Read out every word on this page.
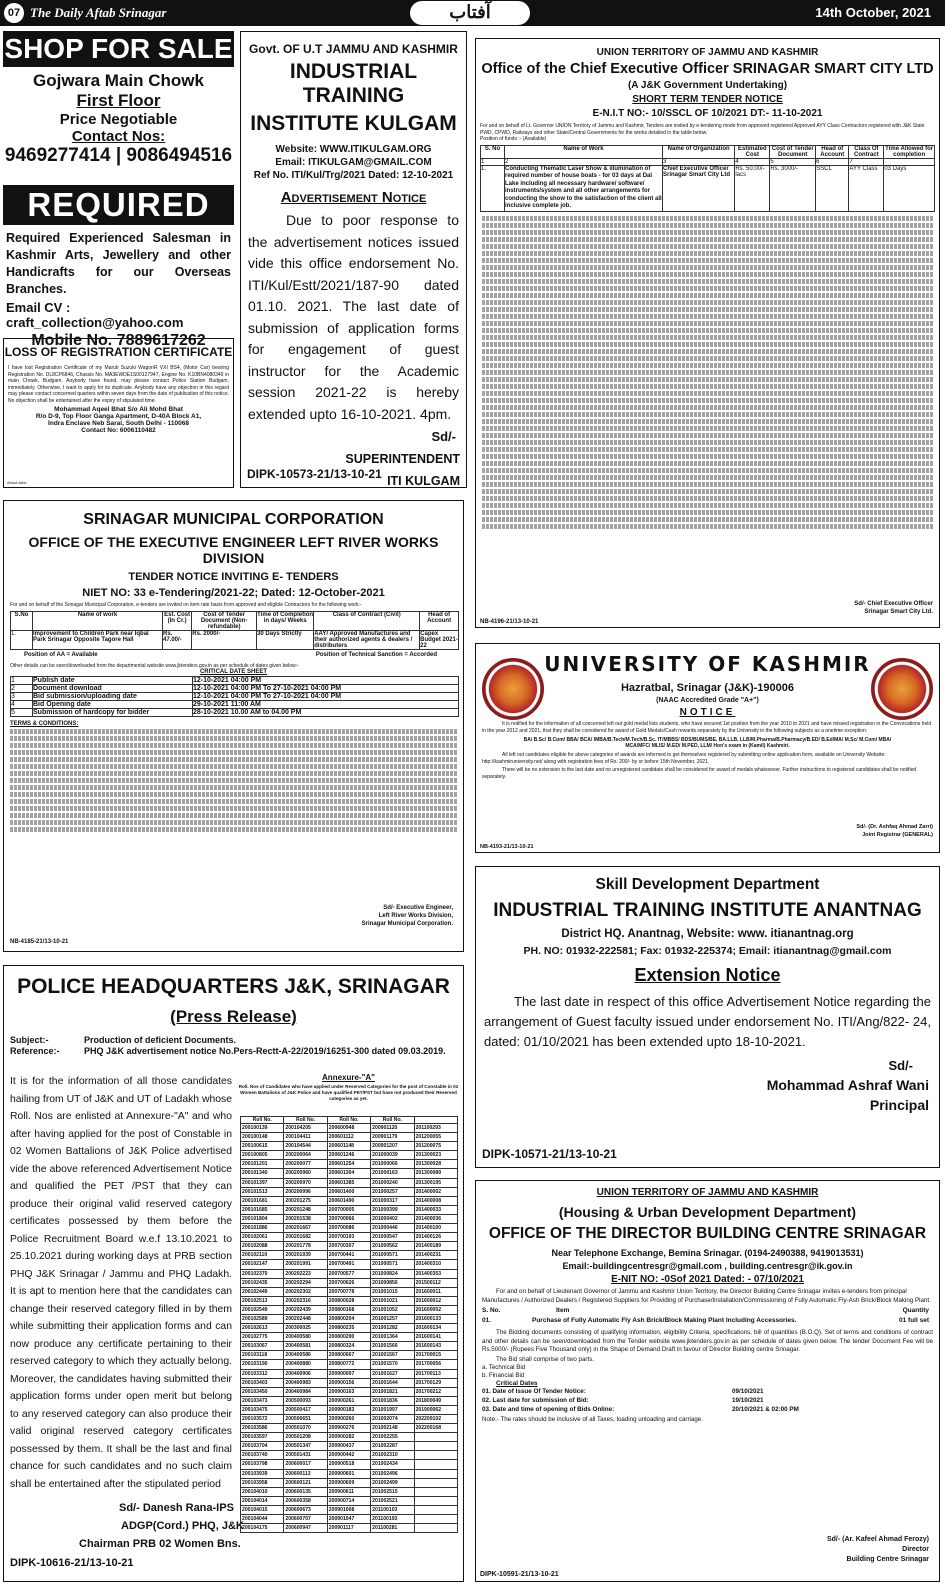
07 The Daily Aftab Srinagar	آفتاب	14th October, 2021
SHOP FOR SALE
Gojwara Main Chowk
First Floor
Price Negotiable
Contact Nos:
9469277414 | 9086494516
REQUIRED
Required Experienced Salesman in Kashmir Arts, Jewellery and other Handicrafts for our Overseas Branches.
Email CV : craft_collection@yahoo.com
Mobile No. 7889617262
LOSS OF REGISTRATION CERTIFICATE
I have lost Registration Certificate of my Maruti Suzuki WagonR VXI BS4, (Motor Car) bearing Registration No. DL8CP6846, Chassis No. MA3EWDE1S00127947, Engine No. K10BN4080349 in main Chowk, Budgam. Anybody have found, may please contact Police Station Budgam, immediately. Otherwise, I want to apply for its duplicate. Anybody have any objection in this regard may please contact concerned quarters within seven days from the date of publication of this notice. No objection shall be entertained after the expiry of stipulated time.
Mohammad Aqeel Bhat S/o Ali Mohd Bhat
R/o D-9, Top Floor Ganga Apartment, D-40A Block A1,
Indra Enclave Neb Sarai, South Delhi - 110068
Contact No: 6006110482
About Advt.
Govt. OF U.T JAMMU AND KASHMIR
INDUSTRIAL TRAINING
INSTITUTE KULGAM
Website: WWW.ITIKULGAM.ORG
Email: ITIKULGAM@GMAIL.COM
Ref No. ITI/Kul/Trg/2021 Dated: 12-10-2021
Advertisement Notice
Due to poor response to the advertisement notices issued vide this office endorsement No. ITI/Kul/Estt/2021/187-90 dated 01.10. 2021. The last date of submission of application forms for engagement of guest instructor for the Academic session 2021-22 is hereby extended upto 16-10-2021. 4pm.
Sd/-
SUPERINTENDENT
ITI KULGAM
DIPK-10573-21/13-10-21
UNION TERRITORY OF JAMMU AND KASHMIR
Office of the Chief Executive Officer SRINAGAR SMART CITY LTD
(A J&K Government Undertaking)
SHORT TERM TENDER NOTICE
E-N.I.T NO:- 10/SSCL OF 10/2021 DT:- 11-10-2021
For and on behalf of Lt. Governor UNION Territory of Jammu and Kashmir, Tenders are invited by e-tendering mode from approved registered Approved AYY Class Contractors registered with J&K State PWD, CPWD, Railways and other State/Central Governments for the works detailed in the table below.
Position of funds :- (Available)
S. No	Name of Work	Name of Organization	Estimated Cost	Cost of Tender Document	Head of Account	Class Of Contract	Time Allowed for completion
1	2	3	4	5	6	7	
1.	Conducting Thematic Laser Show & illumination of required number of house boats - for 03 days at Dal Lake including all necessary hardware/ software/ instruments/system and all other arrangements for conducting the show to the satisfaction of the client all inclusive complete job.	Chief Executive Officer Srinagar Smart City Ltd	Rs. 50.00/- lacs	Rs. 3000/-	SSCL	AYY Class	03 Days
Sd/- Chief Executive Officer
Srinagar Smart City Ltd.
NB-4196-21/13-10-21
SRINAGAR MUNICIPAL CORPORATION
OFFICE OF THE EXECUTIVE ENGINEER LEFT RIVER WORKS DIVISION
TENDER NOTICE INVITING E- TENDERS
NIET NO: 33 e-Tendering/2021-22; Dated: 12-October-2021
For and on behalf of the Srinagar Municipal Corporation, e-tenders are invited on item rate basis from approved and eligible Contractors for the following work:-
S.No	Name of work	Est. Cost (In Cr.)	Cost of Tender Document (Non-refundable)	Time of Completion in days/ Weeks	Class of Contract (Civil)	Head of Account
1.	Improvement to Children Park near Iqbal Park Srinagar Opposite Tagore Hall	Rs. 47.00/-	Rs. 2000/-	30 Days Strictly	AAY/ Approved Manufactures and their authorized agents & dealers / distributers	Capex Budget 2021-22
Position of AA = Available	Position of Technical Sanction = Accorded
Other details can be seen/downloaded from the departmental website www.jktenders.gov.in as per schedule of dates given below:-
CRITICAL DATE SHEET
1	Publish date	12-10-2021 04:00 PM
2	Document download	12-10-2021 04:00 PM To 27-10-2021 04:00 PM
3	Bid submission/uploading date	12-10-2021 04:00 PM To 27-10-2021 04:00 PM
4	Bid Opening date	29-10-2021 11:00 AM
5	Submission of hardcopy for bidder	28-10-2021 10.00 AM to 04.00 PM
TERMS & CONDITIONS:
Sd/- Executive Engineer,
Left River Works Division,
Srinagar Municipal Corporation.
NB-4185-21/13-10-21
UNIVERSITY OF KASHMIR
Hazratbal, Srinagar (J&K)-190006
(NAAC Accredited Grade "A+")
NOTICE
It is notified for the information of all concerned left out gold medal lists students, who have secured 1st position from the year 2010 to 2021 and have missed registration in the Convocations held in the year 2012 and 2021, that they shall be considered for award of Gold Medals/Cash rewards separately by the University in the following subjects as a onetime exception:
BA/ B.Sc/ B.Com/ BBA/ BCA/ IMBA/B.Tech/M.Tech/B.Sc. IT/MBBS/ BDS/BUMS/BE, BA.LLB, LLB/M.Pharma/B.Pharmacy/B.ED/ B.Ed/MA/ M.Sc/ M.Com/ MBA/
MCA/MFC/ MLIS/ M.ED/ M.PED, LLM/ Hon's exam in (Kamil) Kashmiri.
All left out candidates eligible for above categories of awards are informed to get themselves registered by submitting online application form, available on University Website: http://kashmiruniversity.net/ along with registration fees of Rs. 200/- by or before 15th November, 2021.
There will be no extension to the last date and no unregistered candidate shall be considered for award of medals whatsoever. Further instructions to registered candidates shall be notified separately.
Sd/- (Dr. Ashfaq Ahmad Zarri)
Joint Registrar (GENERAL)
NB-4193-21/13-10-21
POLICE HEADQUARTERS J&K, SRINAGAR
(Press Release)
Subject:-	Production of deficient Documents.
Reference:-	PHQ J&K advertisement notice No.Pers-Rectt-A-22/2019/16251-300 dated 09.03.2019.
It is for the information of all those candidates hailing from UT of J&K and UT of Ladakh whose Roll. Nos are enlisted at Annexure-"A" and who after having applied for the post of Constable in 02 Women Battalions of J&K Police advertised vide the above referenced Advertisement Notice and qualified the PET /PST that they can produce their original valid reserved category certificates possessed by them before the Police Recruitment Board w.e.f 13.10.2021 to 25.10.2021 during working days at PRB section PHQ J&K Srinagar / Jammu and PHQ Ladakh. It is apt to mention here that the candidates can change their reserved category filled in by them while submitting their application forms and can now produce any certificate pertaining to their reserved category to which they actually belong. Moreover, the candidates having submitted their application forms under open merit but belong to any reserved category can also produce their valid original reserved category certificates possessed by them. It shall be the last and final chance for such candidates and no such claim shall be entertained after the stipulated period
Sd/- Danesh Rana-IPS
ADGP(Cord.) PHQ, J&K
Chairman PRB 02 Women Bns.
DIPK-10616-21/13-10-21
Annexure-"A"
Roll. Nos of Candidates who have applied under Reserved Categories for the post of Constable in 02 Women Battalions of J&K Police and have qualified PET/PST but have not produced their Reserved categories as yet.
Roll No.	Roll No.	Roll No.	Roll No.	
200100139	200104205	200600948	200901120	201100293
200100148	200104411	200601112	200901179	201200055
200100615	200104544	200601148	200901207	201200075
200100805	200200064	200601246	201000039	201300023
200101201	200200077	200601254	201000066	201300028
200101340	200200960	200601304	201000163	201300089
200101397	200200970	200601385	201000240	201300195
200101513	200200996	200601400	201000257	201400002
200101681	200201275	200601490	201000317	201400008
200101685	200201248	200700005	201000399	201400033
200101804	200201538	200700066	201000402	201400036
200101886	200201667	200700086	201000446	201400100
200102061	200201682	200700193	201000547	201400126
200102088	200201778	200700307	201000562	201400189
200102110	200201939	200700441	201000571	201400231
200102147	200201991	200700491	201000571	201400310
200102370	200202223	200700577	201000824	201400353
200102435	200202294	200700626	201000856	201500112
200102449	200202302	200700778	201001015	201600011
200102513	200202316	200800028	201001021	201600012
200102549	200202439	200800168	201001052	201600052
200102589	200202448	200800204	201001257	201600133
200102613	200300025	200800235	201001282	201600134
200102775	200400580	200800290	201001364	201600141
200103067	200400581	200800324	201001566	201600143
200103118	200400586	200800667	201001567	201700015
200103190	200400880	200800772	201001570	201700056
200103312	200400906	200900007	201001627	201700113
200103403	200400983	200900156	201001644	201700129
200103450	200400984	200900163	201001821	201700212
200103473	200500093	200900261	201001836	201800049
200103475	200500417	200900183	201001997	201900062
200103572	200500651	200900260	201002074	202200102
200103586	200501070	200900276	201002148	202200168
200103597	200501208	200900282	201002255	
200103704	200501347	200900437	201002287	
200103740	200501431	200900442	201002310	
200103798	200600017	200900518	201002434	
200103939	200600113	200900601	201002496	
200103958	200600121	200900609	201002499	
200104010	200600135	200900611	201002515	
200104014	200600358	200900714	201002521	
200104015	200600673	200901008	201100103	
200104044	200600707	200901047	201100193	
200104175	200600947	200901117	201100281	
Skill Development Department
INDUSTRIAL TRAINING INSTITUTE ANANTNAG
District HQ. Anantnag, Website: www. itianantnag.org
PH. NO: 01932-222581; Fax: 01932-225374; Email: itianantnag@gmail.com
Extension Notice
The last date in respect of this office Advertisement Notice regarding the arrangement of Guest faculty issued under endorsement No. ITI/Ang/822- 24, dated: 01/10/2021 has been extended upto 18-10-2021.
Sd/-
Mohammad Ashraf Wani
Principal
DIPK-10571-21/13-10-21
UNION TERRITORY OF JAMMU AND KASHMIR
(Housing & Urban Development Department)
OFFICE OF THE DIRECTOR BUILDING CENTRE SRINAGAR
Near Telephone Exchange, Bemina Srinagar. (0194-2490388, 9419013531)
Email:-buildingcentresgr@gmail.com , building.centresgr@ik.gov.in
E-NIT NO: -0Sof 2021 Dated: - 07/10/2021
For and on behalf of Lieutenant Governor of Jammu and Kashmir Union Territory, the Director Building Centre Srinagar invites e-tenders from principal Manufactures / Authorized Dealers / Registered Suppliers for Providing of Purchase/Installation/Commissioning of Fully Automatic Fly-Ash Brick/Block Making Plant.
S. No.	Item	Quantity
01.	Purchase of Fully Automatic Fly Ash Brick/Block Making Plant Including Accessories.	01 full set
The Bidding documents consisting of qualifying information, eligibility Criteria, specifications, bill of quantities (B.O.Q). Set of terms and conditions of contract and other details can be seen/downloaded from the Tender website www.jktenders.gov.in as per schedule of dates given below. The tender Document Fee will be Rs.5000/- (Rupees Five Thousand only) in the Shape of Demand Draft in favour of Director Building centre Srinagar.
The Bid shall comprise of two parts.
a. Technical Bid
b. Financial Bid
Critical Dates
01. Date of Issue Of Tender Notice:	09/10/2021
02. Last date for submission of Bid:	19/10/2021
03. Date and time of opening of Bids Online:	20/10/2021 & 02:00 PM
Note:- The rates should be inclusive of all Taxes, loading unloading and carriage.
Sd/- (Ar. Kafeel Ahmad Ferozy)
Director
Building Centre Srinagar
DIPK-10591-21/13-10-21
